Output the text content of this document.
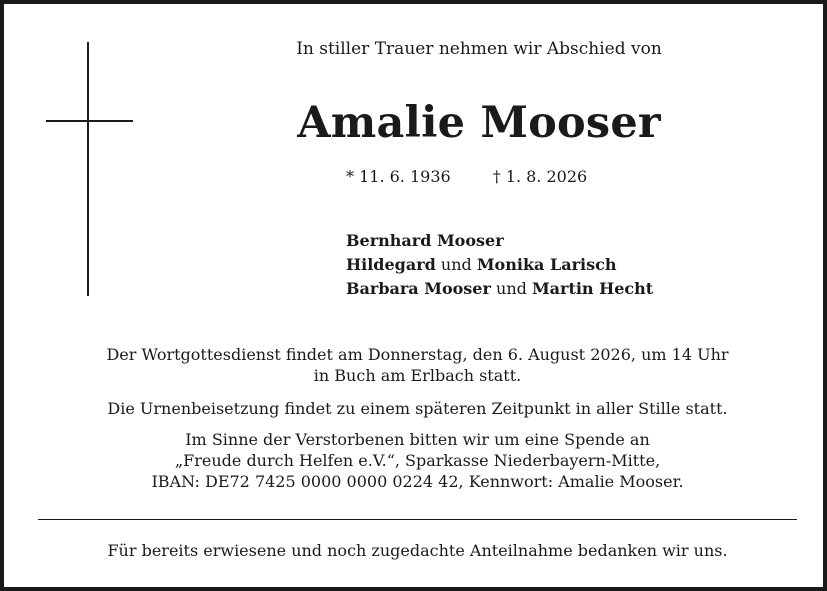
In stiller Trauer nehmen wir Abschied von
Amalie Mooser
* 11. 6. 1936	† 1. 8. 2026
Bernhard Mooser
Hildegard und Monika Larisch
Barbara Mooser und Martin Hecht
Der Wortgottesdienst findet am Donnerstag, den 6. August 2026, um 14 Uhr
in Buch am Erlbach statt.
Die Urnenbeisetzung findet zu einem späteren Zeitpunkt in aller Stille statt.
Im Sinne der Verstorbenen bitten wir um eine Spende an
„Freude durch Helfen e.V.“, Sparkasse Niederbayern-Mitte,
IBAN: DE72 7425 0000 0000 0224 42, Kennwort: Amalie Mooser.
Für bereits erwiesene und noch zugedachte Anteilnahme bedanken wir uns.
